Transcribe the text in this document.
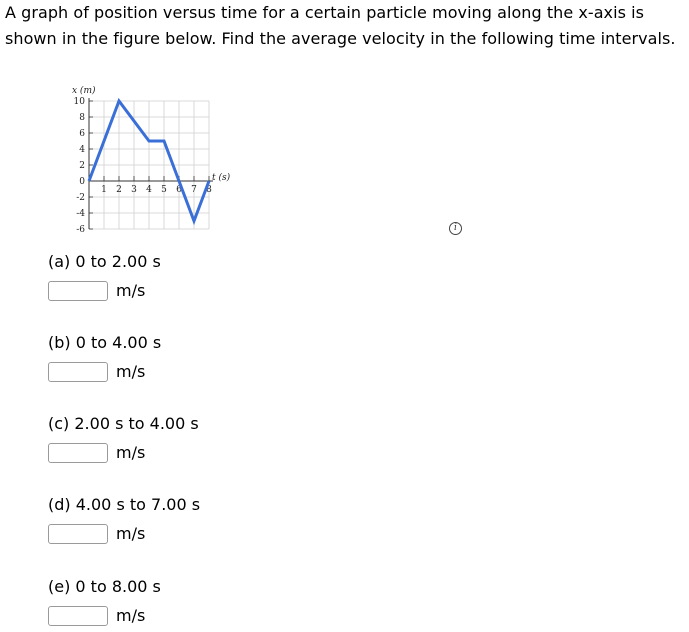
A graph of position versus time for a certain particle moving along the x-axis is shown in the figure below. Find the average velocity in the following time intervals.
10
8
6
4
2
0
-2
-4
-6
1 2 3 4 5 6 7 8
x (m)
t (s)
i
(a) 0 to 2.00 s
m/s
(b) 0 to 4.00 s
m/s
(c) 2.00 s to 4.00 s
m/s
(d) 4.00 s to 7.00 s
m/s
(e) 0 to 8.00 s
m/s
